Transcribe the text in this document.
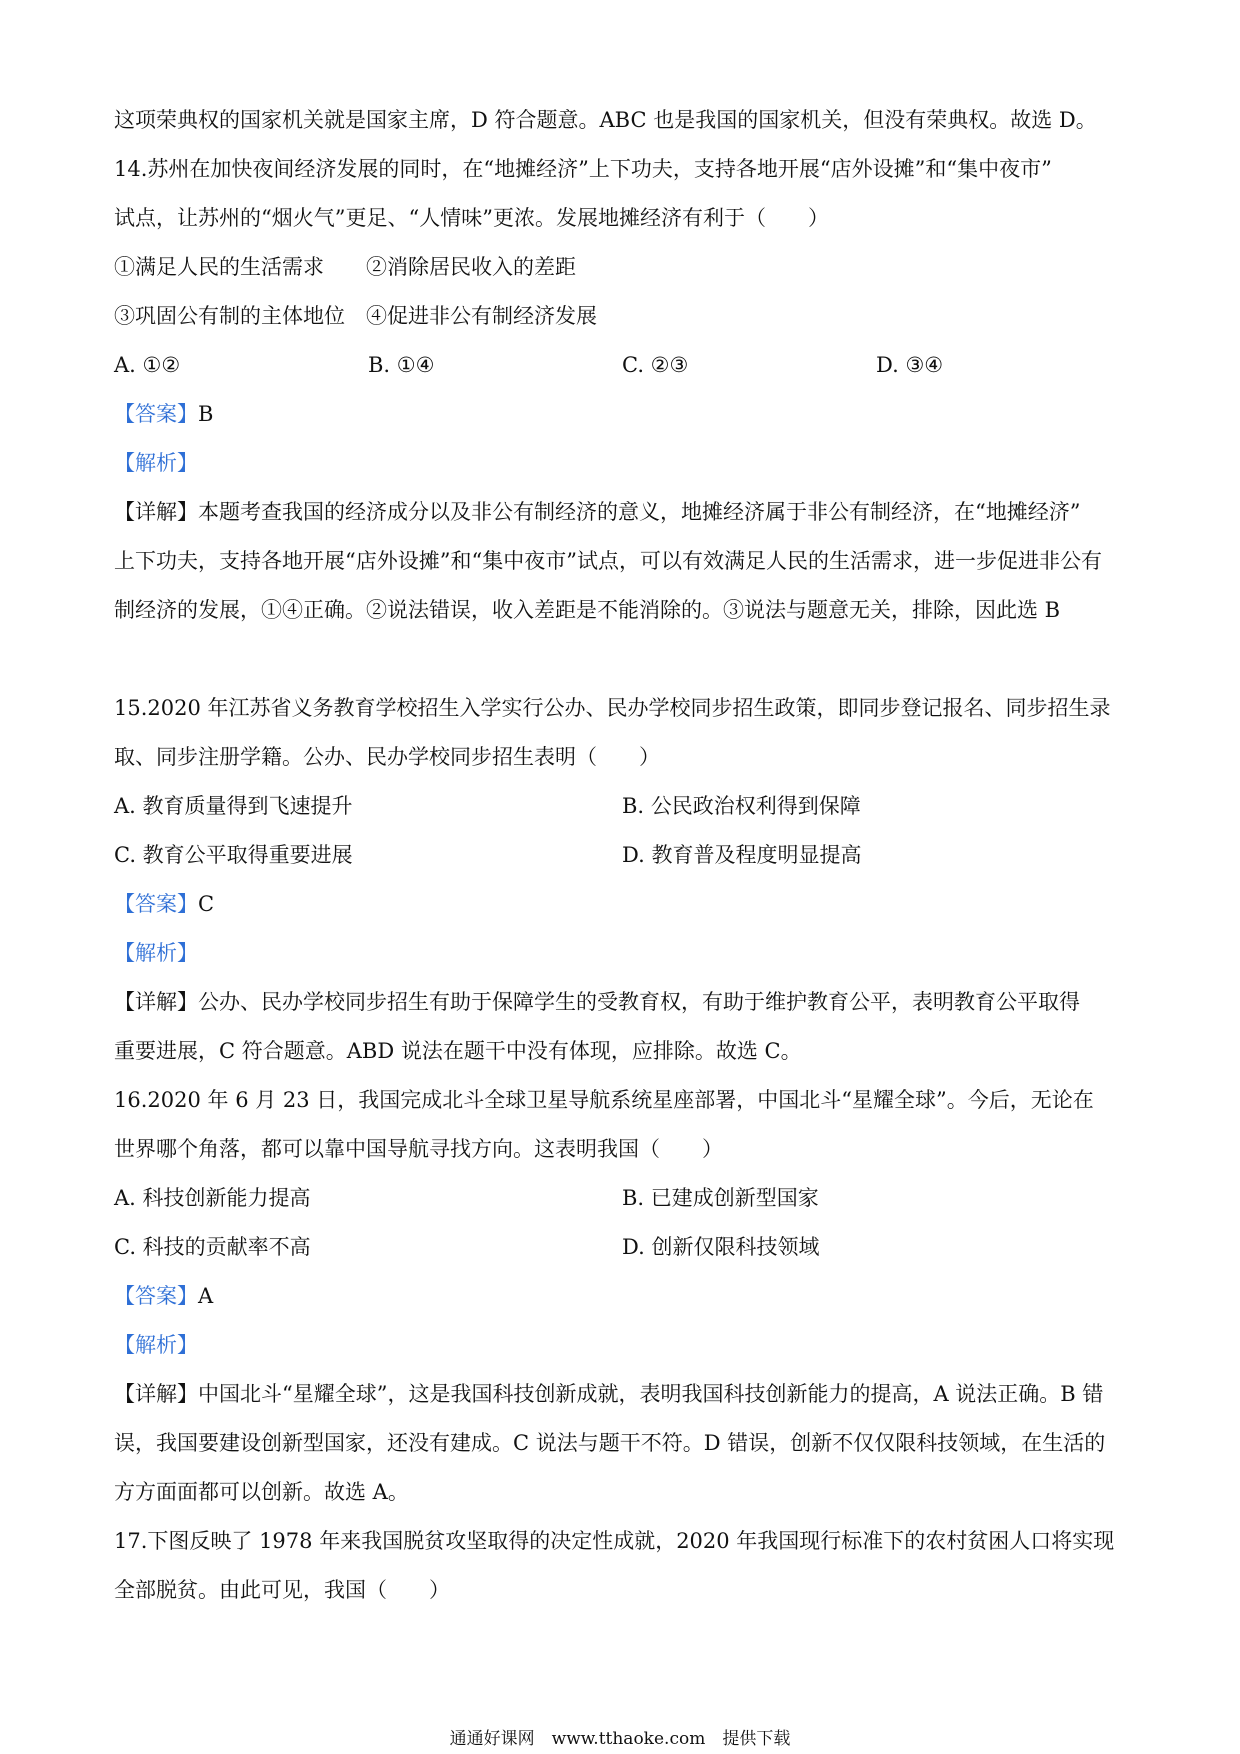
这项荣典权的国家机关就是国家主席，D 符合题意。ABC 也是我国的国家机关，但没有荣典权。故选 D。
14.苏州在加快夜间经济发展的同时，在“地摊经济”上下功夫，支持各地开展“店外设摊”和“集中夜市”
试点，让苏州的“烟火气”更足、“人情味”更浓。发展地摊经济有利于（　　）
①满足人民的生活需求　　②消除居民收入的差距
③巩固公有制的主体地位　④促进非公有制经济发展
A. ①②	B. ①④	C. ②③	D. ③④
【答案】B
【解析】
【详解】本题考查我国的经济成分以及非公有制经济的意义，地摊经济属于非公有制经济，在“地摊经济”
上下功夫，支持各地开展“店外设摊”和“集中夜市”试点，可以有效满足人民的生活需求，进一步促进非公有
制经济的发展，①④正确。②说法错误，收入差距是不能消除的。③说法与题意无关，排除，因此选 B
15.2020 年江苏省义务教育学校招生入学实行公办、民办学校同步招生政策，即同步登记报名、同步招生录
取、同步注册学籍。公办、民办学校同步招生表明（　　）
A. 教育质量得到飞速提升	B. 公民政治权利得到保障
C. 教育公平取得重要进展	D. 教育普及程度明显提高
【答案】C
【解析】
【详解】公办、民办学校同步招生有助于保障学生的受教育权，有助于维护教育公平，表明教育公平取得
重要进展，C 符合题意。ABD 说法在题干中没有体现，应排除。故选 C。
16.2020 年 6 月 23 日，我国完成北斗全球卫星导航系统星座部署，中国北斗“星耀全球”。今后，无论在
世界哪个角落，都可以靠中国导航寻找方向。这表明我国（　　）
A. 科技创新能力提高	B. 已建成创新型国家
C. 科技的贡献率不高	D. 创新仅限科技领域
【答案】A
【解析】
【详解】中国北斗“星耀全球”，这是我国科技创新成就，表明我国科技创新能力的提高，A 说法正确。B 错
误，我国要建设创新型国家，还没有建成。C 说法与题干不符。D 错误，创新不仅仅限科技领域，在生活的
方方面面都可以创新。故选 A。
17.下图反映了 1978 年来我国脱贫攻坚取得的决定性成就，2020 年我国现行标准下的农村贫困人口将实现
全部脱贫。由此可见，我国（　　）
通通好课网　www.tthaoke.com　提供下载
